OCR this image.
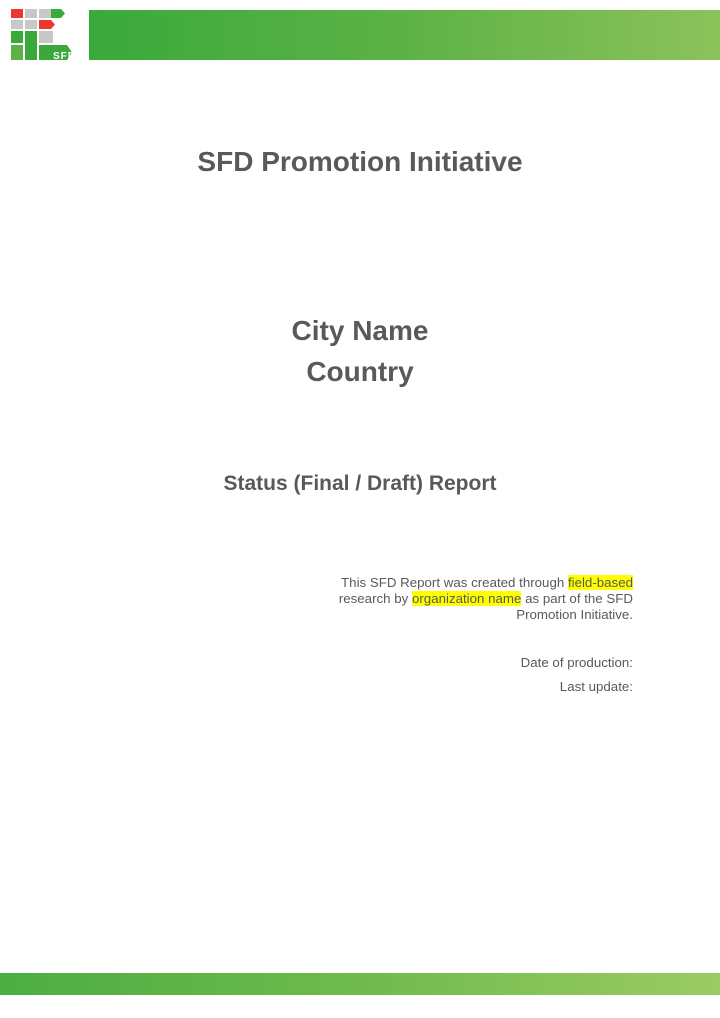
SFD
SFD Promotion Initiative
City Name
Country
Status (Final / Draft) Report
This SFD Report was created through field-based research by organization name as part of the SFD Promotion Initiative.
Date of production:
Last update:
